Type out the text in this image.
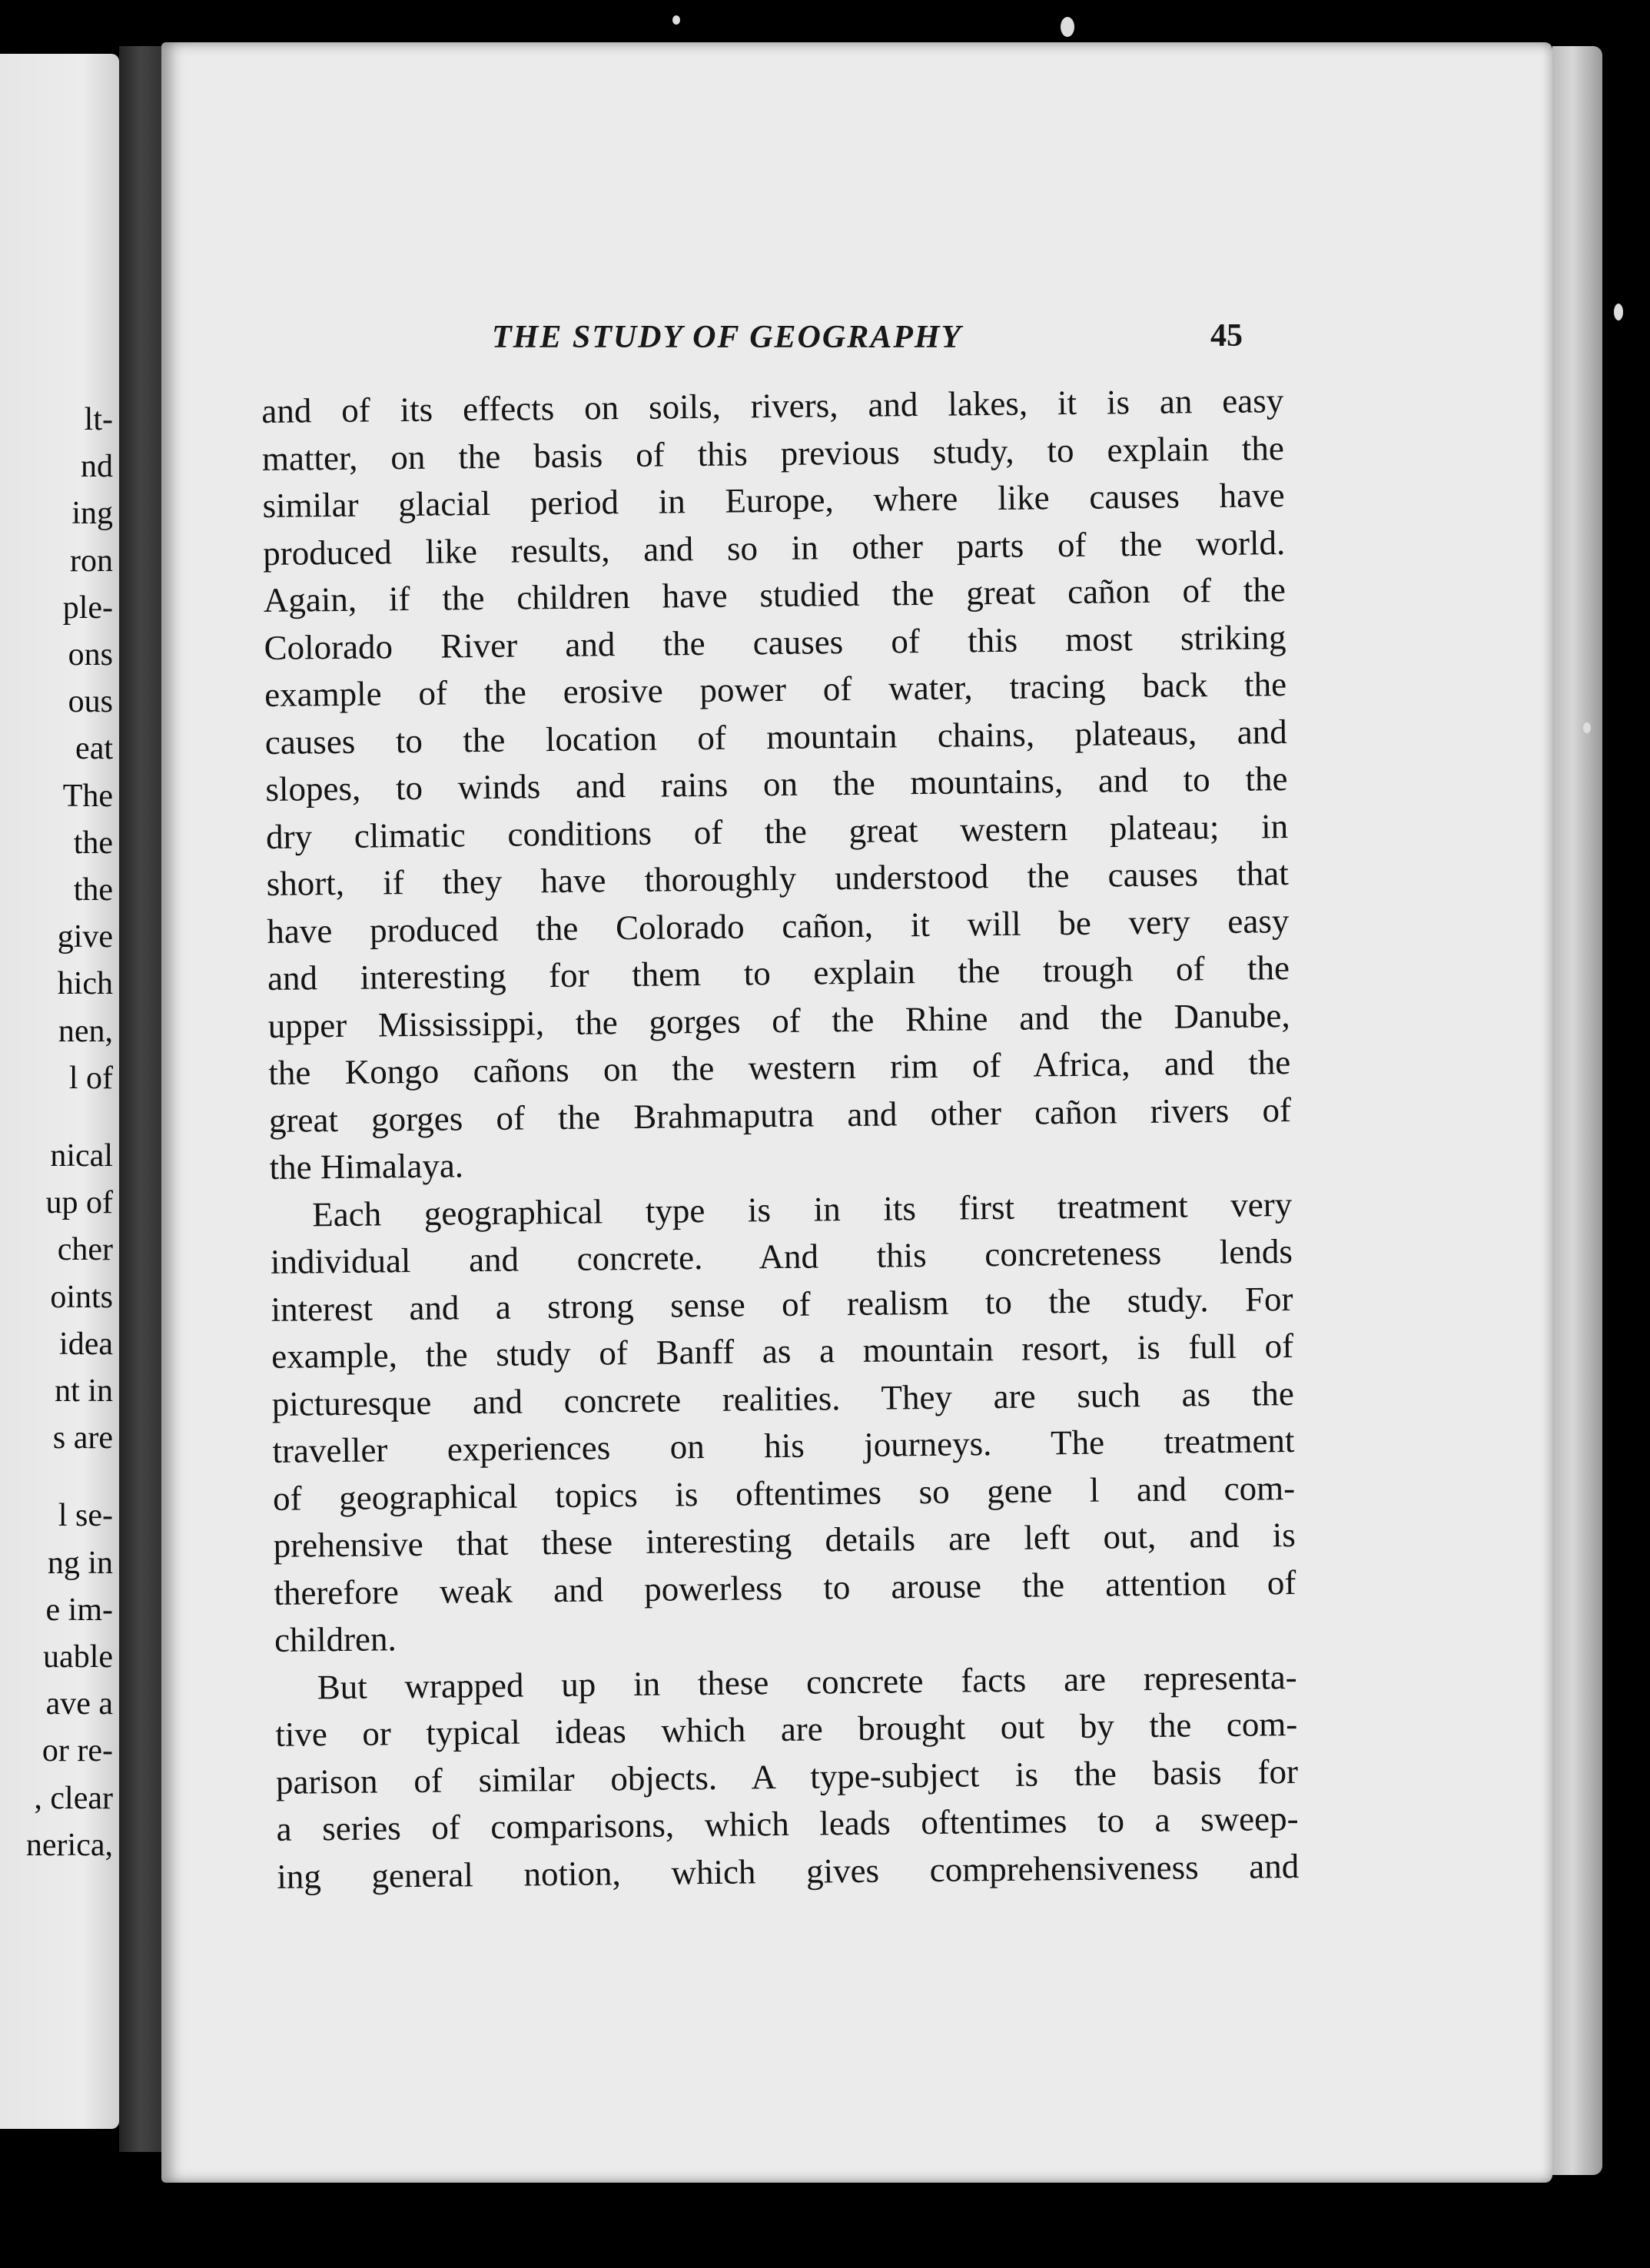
lt-
nd
ing
ron
ple-
ons
ous
eat
The
the
the
give
hich
nen,
l of
nical
up of
cher
oints
idea
nt in
s are
l se-
ng in
e im-
uable
ave a
or re-
, clear
nerica,
THE STUDY OF GEOGRAPHY	45
and of its effects on soils, rivers, and lakes, it is an easy
matter, on the basis of this previous study, to explain the
similar glacial period in Europe, where like causes have
produced like results, and so in other parts of the world.
Again, if the children have studied the great cañon of the
Colorado River and the causes of this most striking
example of the erosive power of water, tracing back the
causes to the location of mountain chains, plateaus, and
slopes, to winds and rains on the mountains, and to the
dry climatic conditions of the great western plateau; in
short, if they have thoroughly understood the causes that
have produced the Colorado cañon, it will be very easy
and interesting for them to explain the trough of the
upper Mississippi, the gorges of the Rhine and the Danube,
the Kongo cañons on the western rim of Africa, and the
great gorges of the Brahmaputra and other cañon rivers of
the Himalaya.
Each geographical type is in its first treatment very
individual and concrete. And this concreteness lends
interest and a strong sense of realism to the study. For
example, the study of Banff as a mountain resort, is full of
picturesque and concrete realities. They are such as the
traveller experiences on his journeys. The treatment
of geographical topics is oftentimes so gene l and com-
prehensive that these interesting details are left out, and is
therefore weak and powerless to arouse the attention of
children.
But wrapped up in these concrete facts are representa-
tive or typical ideas which are brought out by the com-
parison of similar objects. A type-subject is the basis for
a series of comparisons, which leads oftentimes to a sweep-
ing general notion, which gives comprehensiveness and
